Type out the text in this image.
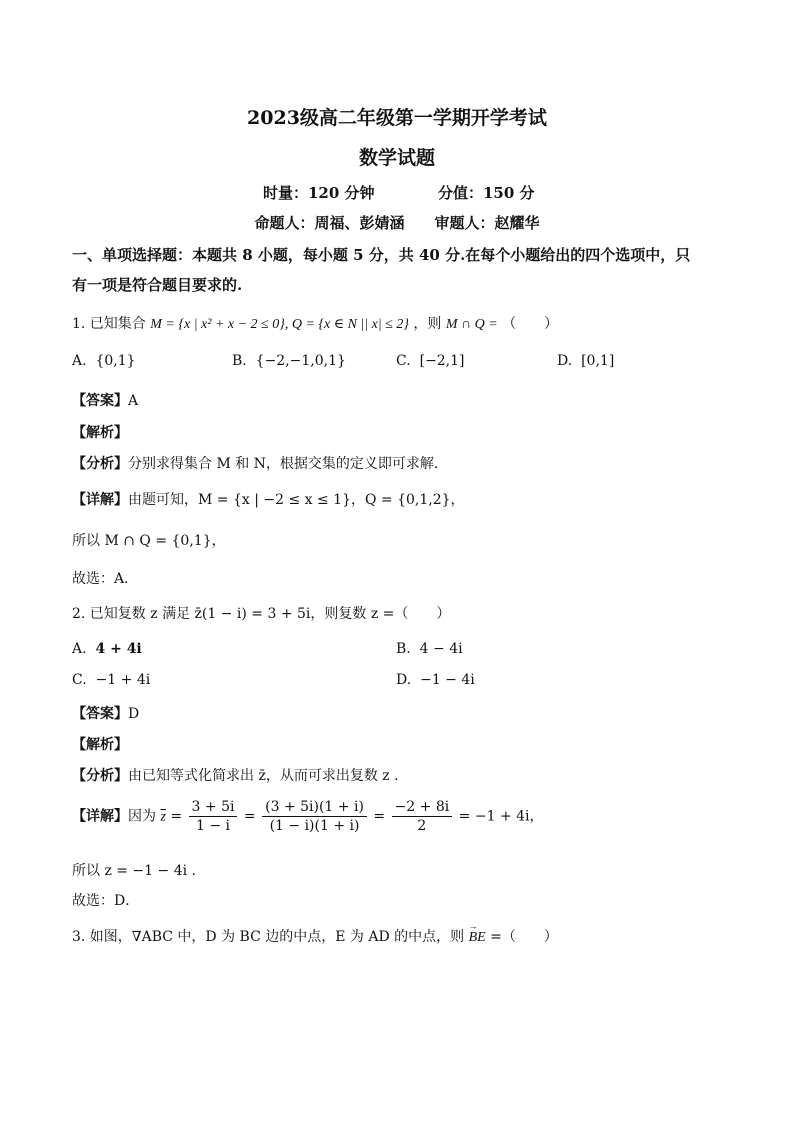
2023级高二年级第一学期开学考试
数学试题
时量：120 分钟	分值：150 分
命题人：周福、彭婧涵　　审题人：赵耀华
一、单项选择题：本题共 8 小题，每小题 5 分，共 40 分.在每个小题给出的四个选项中，只
有一项是符合题目要求的.
1. 已知集合 M = {x | x² + x − 2 ≤ 0}, Q = {x ∈ N || x| ≤ 2} ，则 M ∩ Q = （　　）
A. {0,1}	B. {−2,−1,0,1}	C. [−2,1]	D. [0,1]
【答案】A
【解析】
【分析】分别求得集合 M 和 N，根据交集的定义即可求解.
【详解】由题可知，M = {x | −2 ≤ x ≤ 1}，Q = {0,1,2}，
所以 M ∩ Q = {0,1}，
故选：A．
2. 已知复数 z 满足 z̄(1 − i) = 3 + 5i，则复数 z =（　　）
A. 4 + 4i	B. 4 − 4i
C. −1 + 4i	D. −1 − 4i
【答案】D
【解析】
【分析】由已知等式化简求出 z̄，从而可求出复数 z .
【详解】因为 $\overline{z} = \frac{3 + 5i}{1 - i} = \frac{(3 + 5i)(1 + i)}{(1 - i)(1 + i)} = \frac{-2 + 8i}{2} = -1 + 4i$，
所以 z = −1 − 4i .
故选：D．
3. 如图，∇ABC 中，D 为 BC 边的中点，E 为 AD 的中点，则
→
BE =（　　）
